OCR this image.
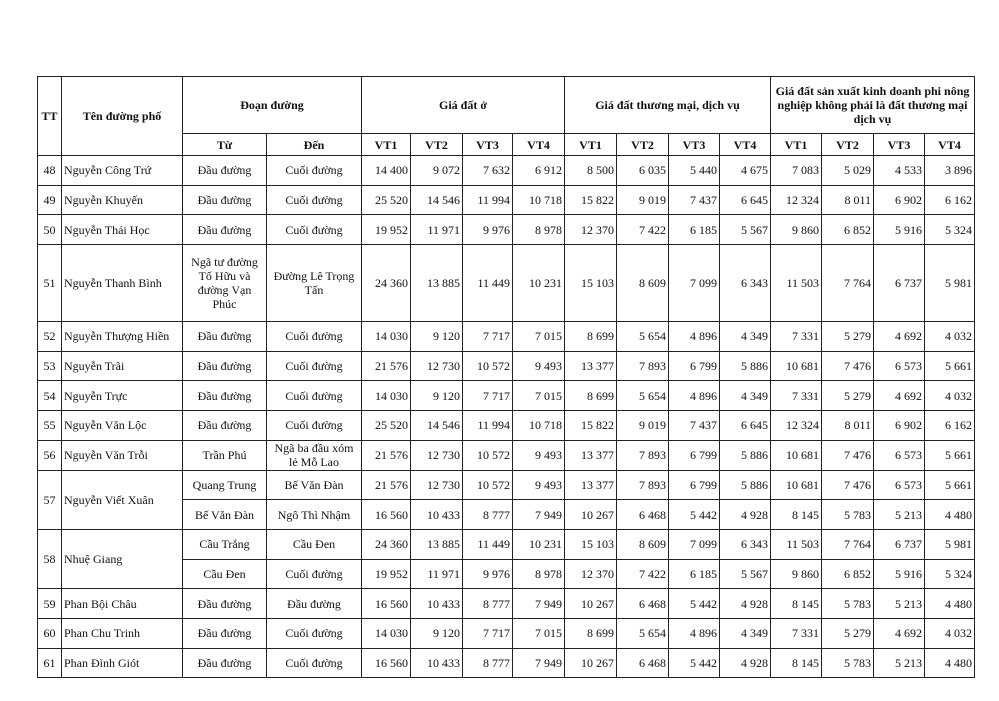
TT	Tên đường phố	Đoạn đường		Giá đất ở				Giá đất thương mại, dịch vụ				Giá đất sản xuất kinh doanh phi nông nghiệp không phải là đất thương mại dịch vụ			
		Từ	Đến	VT1	VT2	VT3	VT4	VT1	VT2	VT3	VT4	VT1	VT2	VT3	VT4
48	Nguyễn Công Trứ	Đầu đường	Cuối đường	14 400	9 072	7 632	6 912	8 500	6 035	5 440	4 675	7 083	5 029	4 533	3 896
49	Nguyễn Khuyến	Đầu đường	Cuối đường	25 520	14 546	11 994	10 718	15 822	9 019	7 437	6 645	12 324	8 011	6 902	6 162
50	Nguyễn Thái Học	Đầu đường	Cuối đường	19 952	11 971	9 976	8 978	12 370	7 422	6 185	5 567	9 860	6 852	5 916	5 324
51	Nguyễn Thanh Bình	Ngã tư đường Tố Hữu và đường Vạn Phúc	Đường Lê Trọng Tấn	24 360	13 885	11 449	10 231	15 103	8 609	7 099	6 343	11 503	7 764	6 737	5 981
52	Nguyễn Thượng Hiền	Đầu đường	Cuối đường	14 030	9 120	7 717	7 015	8 699	5 654	4 896	4 349	7 331	5 279	4 692	4 032
53	Nguyễn Trãi	Đầu đường	Cuối đường	21 576	12 730	10 572	9 493	13 377	7 893	6 799	5 886	10 681	7 476	6 573	5 661
54	Nguyễn Trực	Đầu đường	Cuối đường	14 030	9 120	7 717	7 015	8 699	5 654	4 896	4 349	7 331	5 279	4 692	4 032
55	Nguyễn Văn Lộc	Đầu đường	Cuối đường	25 520	14 546	11 994	10 718	15 822	9 019	7 437	6 645	12 324	8 011	6 902	6 162
56	Nguyễn Văn Trỗi	Trần Phú	Ngã ba đầu xóm lẻ Mỗ Lao	21 576	12 730	10 572	9 493	13 377	7 893	6 799	5 886	10 681	7 476	6 573	5 661
57	Nguyễn Viết Xuân	Quang Trung	Bế Văn Đàn	21 576	12 730	10 572	9 493	13 377	7 893	6 799	5 886	10 681	7 476	6 573	5 661
		Bế Văn Đàn	Ngô Thì Nhậm	16 560	10 433	8 777	7 949	10 267	6 468	5 442	4 928	8 145	5 783	5 213	4 480
58	Nhuệ Giang	Cầu Trắng	Cầu Đen	24 360	13 885	11 449	10 231	15 103	8 609	7 099	6 343	11 503	7 764	6 737	5 981
		Cầu Đen	Cuối đường	19 952	11 971	9 976	8 978	12 370	7 422	6 185	5 567	9 860	6 852	5 916	5 324
59	Phan Bội Châu	Đầu đường	Đầu đường	16 560	10 433	8 777	7 949	10 267	6 468	5 442	4 928	8 145	5 783	5 213	4 480
60	Phan Chu Trinh	Đầu đường	Cuối đường	14 030	9 120	7 717	7 015	8 699	5 654	4 896	4 349	7 331	5 279	4 692	4 032
61	Phan Đình Giót	Đầu đường	Cuối đường	16 560	10 433	8 777	7 949	10 267	6 468	5 442	4 928	8 145	5 783	5 213	4 480
